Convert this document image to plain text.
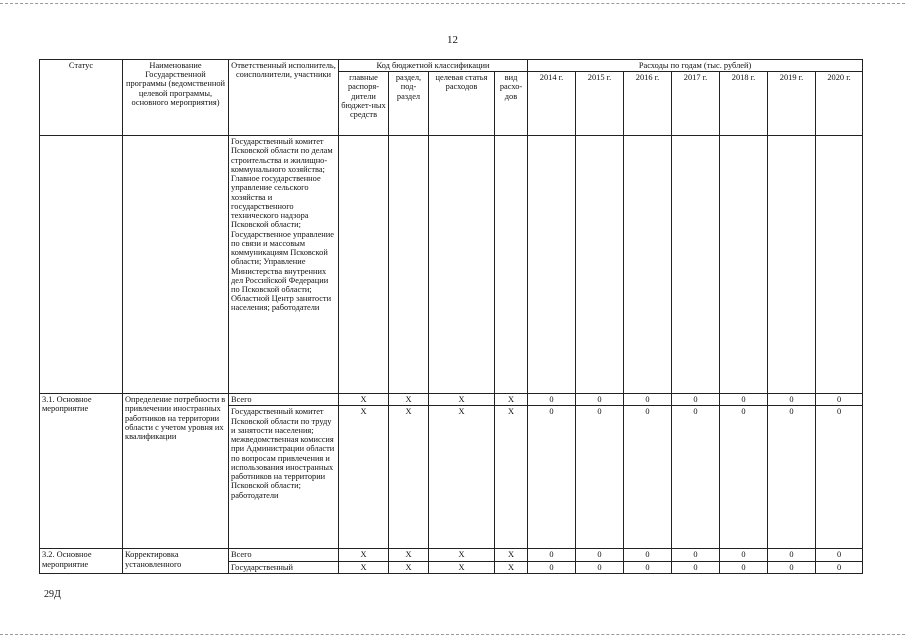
12
Статус	Наименование Государственной программы (ведомственной целевой программы, основного мероприятия)	Ответственный исполнитель, соисполнители, участники	Код бюджетной классификации				Расходы по годам (тыс. рублей)						
			главные распоря-дители бюджет-ных средств	раздел, под-раздел	целевая статья расходов	вид расхо-дов	2014 г.	2015 г.	2016 г.	2017 г.	2018 г.	2019 г.	2020 г.
		Государственный комитет Псковской области по делам строительства и жилищно-коммунального хозяйства; Главное государственное управление сельского хозяйства и государственного технического надзора Псковской области; Государственное управление по связи и массовым коммуникациям Псковской области; Управление Министерства внутренних дел Российской Федерации по Псковской области; Областной Центр занятости населения; работодатели											
3.1. Основное мероприятие	Определение потребности в привлечении иностранных работников на территории области с учетом уровня их квалификации	Всего	X	X	X	X	0	0	0	0	0	0	0
		Государственный комитет Псковской области по труду и занятости населения; межведомственная комиссия при Администрации области по вопросам привлечения и использования иностранных работников на территории Псковской области; работодатели	X	X	X	X	0	0	0	0	0	0	0
3.2. Основное мероприятие	Корректировка установленного	Всего	X	X	X	X	0	0	0	0	0	0	0
		Государственный	X	X	X	X	0	0	0	0	0	0	0
29Д
